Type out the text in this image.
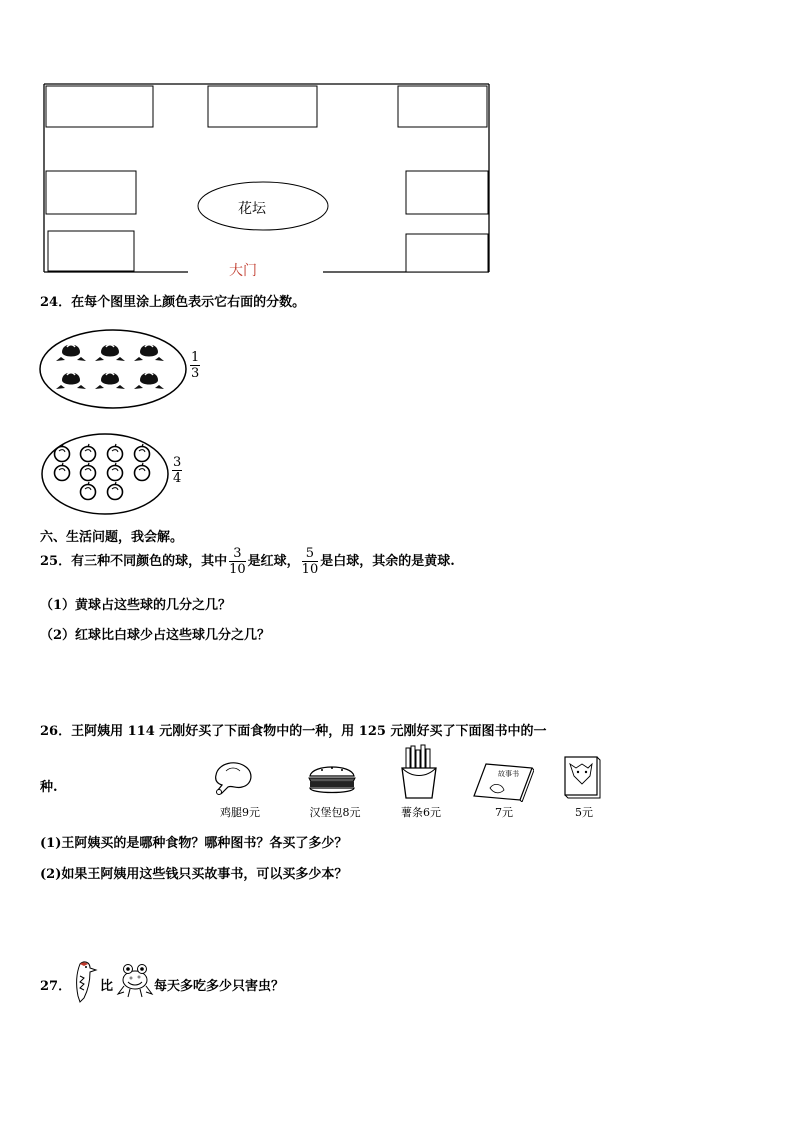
花坛
大门
24．在每个图里涂上颜色表示它右面的分数。
$\frac{1}{3}$
$\frac{3}{4}$
六、生活问题，我会解。
25．有三种不同颜色的球，其中 $\frac{3}{10}$ 是红球， $\frac{5}{10}$ 是白球，其余的是黄球.
（1）黄球占这些球的几分之几？
（2）红球比白球少占这些球几分之几？
26．王阿姨用 114 元刚好买了下面食物中的一种，用 125 元刚好买了下面图书中的一
种.
故事书
鸡腿9元	汉堡包8元	薯条6元	7元	5元
(1)王阿姨买的是哪种食物？哪种图书？各买了多少？
(2)如果王阿姨用这些钱只买故事书，可以买多少本？
27． 比	每天多吃多少只害虫？
